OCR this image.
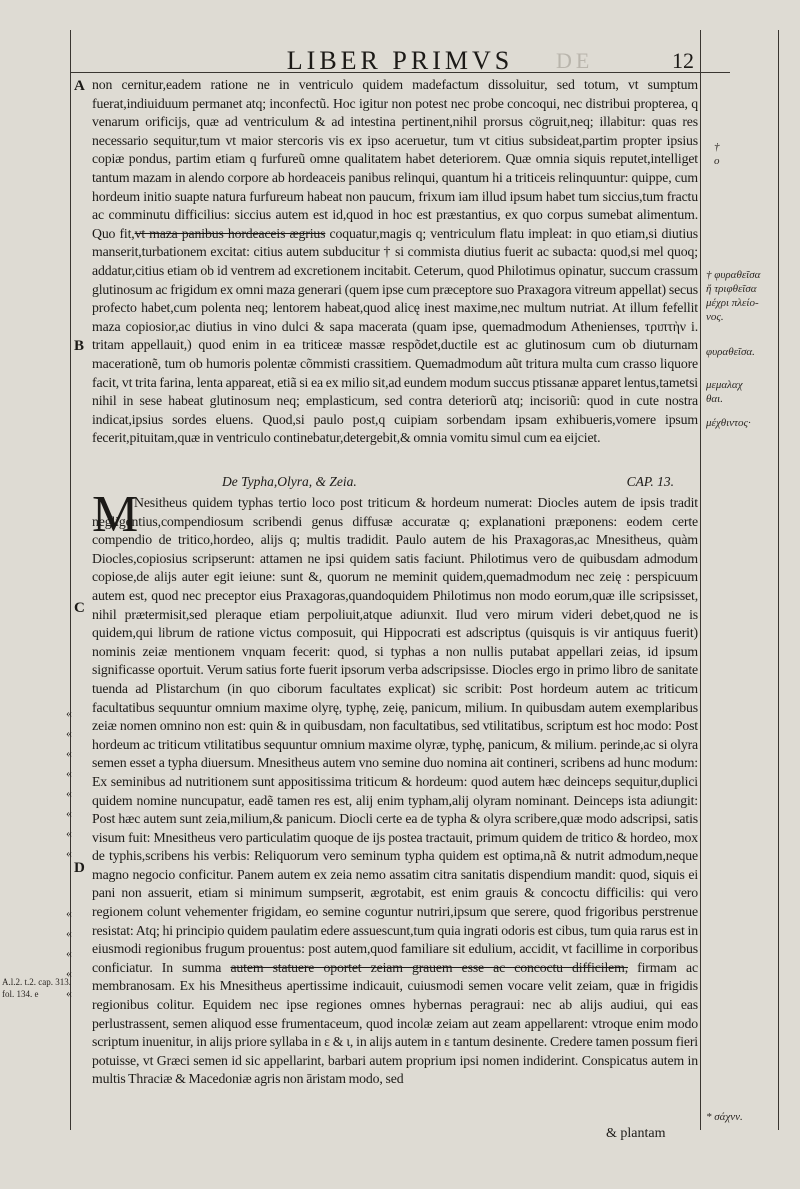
LIBER PRIMVS	DE	12
A
B
C
D
non cernitur,eadem ratione ne in ventriculo quidem madefactum dissoluitur, sed totum, vt sumptum fuerat,indiuiduum permanet atq; inconfectũ. Hoc igitur non potest nec probe concoqui, nec distribui propterea, q venarum orificijs, quæ ad ventriculum & ad intestina pertinent,nihil prorsus cögruit,neq; illabitur: quas res necessario sequitur,tum vt maior stercoris vis ex ipso aceruetur, tum vt citius subsideat,partim propter ipsius copiæ pondus, partim etiam q furfureũ omne qualitatem habet deteriorem. Quæ omnia siquis reputet,intelliget tantum mazam in alendo corpore ab hordeaceis panibus relinqui, quantum hi a triticeis relinquuntur: quippe, cum hordeum initio suapte natura furfureum habeat non paucum, frixum iam illud ipsum habet tum siccius,tum fractu ac comminutu difficilius: siccius autem est id,quod in hoc est præstantius, ex quo corpus sumebat alimentum. Quo fit,vt maza panibus hordeaceis ægrius coquatur,magis q; ventriculum flatu impleat: in quo etiam,si diutius manserit,turbationem excitat: citius autem subducitur † si commista diutius fuerit ac subacta: quod,si mel quoq; addatur,citius etiam ob id ventrem ad excretionem incitabit. Ceterum, quod Philotimus opinatur, succum crassum glutinosum ac frigidum ex omni maza generari (quem ipse cum præceptore suo Praxagora vitreum appellat) secus profecto habet,cum polenta neq; lentorem habeat,quod alicę inest maxime,nec multum nutriat. At illum fefellit maza copiosior,ac diutius in vino dulci & sapa macerata (quam ipse, quemadmodum Athenienses, τριπτὴν i. tritam appellauit,) quod enim in ea triticeæ massæ respõdet,ductile est ac glutinosum cum ob diuturnam macerationẽ, tum ob humoris polentæ cõmmisti crassitiem. Quemadmodum aũt tritura multa cum crasso liquore facit, vt trita farina, lenta appareat, etiã si ea ex milio sit,ad eundem modum succus ptissanæ apparet lentus,tametsi nihil in sese habeat glutinosum neq; emplasticum, sed contra deteriorũ atq; incisoriũ: quod in cute nostra indicat,ipsius sordes eluens. Quod,si paulo post,q cuipiam sorbendam ipsam exhibueris,vomere ipsum fecerit,pituitam,quæ in ventriculo continebatur,detergebit,& omnia vomitu simul cum ea eijciet.
De Typha,Olyra, & Zeia.	CAP. 13.
M
Nesitheus quidem typhas tertio loco post triticum & hordeum numerat: Diocles autem de ipsis tradit negligentius,compendiosum scribendi genus diffusæ accuratæ q; explanationi præponens: eodem certe compendio de tritico,hordeo, alijs q; multis tradidit. Paulo autem de his Praxagoras,ac Mnesitheus, quàm Diocles,copiosius scripserunt: attamen ne ipsi quidem satis faciunt. Philotimus vero de quibusdam admodum copiose,de alijs auter egit ieiune: sunt &, quorum ne meminit quidem,quemadmodum nec zeię : perspicuum autem est, quod nec preceptor eius Praxagoras,quandoquidem Philotimus non modo eorum,quæ ille scripsisset, nihil prætermisit,sed pleraque etiam perpoliuit,atque adiunxit. Ilud vero mirum videri debet,quod ne is quidem,qui librum de ratione victus composuit, qui Hippocrati est adscriptus (quisquis is vir antiquus fuerit) nominis zeiæ mentionem vnquam fecerit: quod, si typhas a non nullis putabat appellari zeias, id ipsum significasse oportuit. Verum satius forte fuerit ipsorum verba adscripsisse. Diocles ergo in primo libro de sanitate tuenda ad Plistarchum (in quo ciborum facultates explicat) sic scribit: Post hordeum autem ac triticum facultatibus sequuntur omnium maxime olyrę, typhę, zeię, panicum, milium. In quibusdam autem exemplaribus zeiæ nomen omnino non est: quin & in quibusdam, non facultatibus, sed vtilitatibus, scriptum est hoc modo: Post hordeum ac triticum vtilitatibus sequuntur omnium maxime olyræ, typhę, panicum, & milium. perinde,ac si olyra semen esset a typha diuersum. Mnesitheus autem vno semine duo nomina ait contineri, scribens ad hunc modum: Ex seminibus ad nutritionem sunt appositissima triticum & hordeum: quod autem hæc deinceps sequitur,duplici quidem nomine nuncupatur, eadẽ tamen res est, alij enim typham,alij olyram nominant. Deinceps ista adiungit: Post hæc autem sunt zeia,milium,& panicum. Diocli certe ea de typha & olyra scribere,quæ modo adscripsi, satis visum fuit: Mnesitheus vero particulatim quoque de ijs postea tractauit, primum quidem de tritico & hordeo, mox de typhis,scribens his verbis: Reliquorum vero seminum typha quidem est optima,nã & nutrit admodum,neque magno negocio conficitur. Panem autem ex zeia nemo assatim citra sanitatis dispendium mandit: quod, siquis ei pani non assuerit, etiam si minimum sumpserit, ægrotabit, est enim grauis & concoctu difficilis: qui vero regionem colunt vehementer frigidam, eo semine coguntur nutriri,ipsum que serere, quod frigoribus perstrenue resistat: Atq; hi principio quidem paulatim edere assuescunt,tum quia ingrati odoris est cibus, tum quia rarus est in eiusmodi regionibus frugum prouentus: post autem,quod familiare sit edulium, accidit, vt facillime in corporibus conficiatur. In summa autem statuere oportet zeiam grauem esse ac concoctu difficilem, firmam ac membranosam. Ex his Mnesitheus apertissime indicauit, cuiusmodi semen vocare velit zeiam, quæ in frigidis regionibus colitur. Equidem nec ipse regiones omnes hybernas peragraui: nec ab alijs audiui, qui eas perlustrassent, semen aliquod esse frumentaceum, quod incolæ zeiam aut zeam appellarent: vtroque enim modo scriptum inuenitur, in alijs priore syllaba in ε & ι, in alijs autem in ε tantum desinente. Credere tamen possum fieri potuisse, vt Græci semen id sic appellarint, barbari autem proprium ipsi nomen indiderint. Conspicatus autem in multis Thraciæ & Macedoniæ agris non āristam modo, sed
«
«
«
«
«
«
«
«
«
«
«
«
«
†
ο
† φυραθεῖσα
ἤ τριφθεῖσα
μέχρι πλείο-
νος.
φυραθεῖσα.
μεμαλαχ
θαι.
μέχθιντος·
* σάχνν.
A.l.2. t.2. cap. 313. fol. 134. e
& plantam
